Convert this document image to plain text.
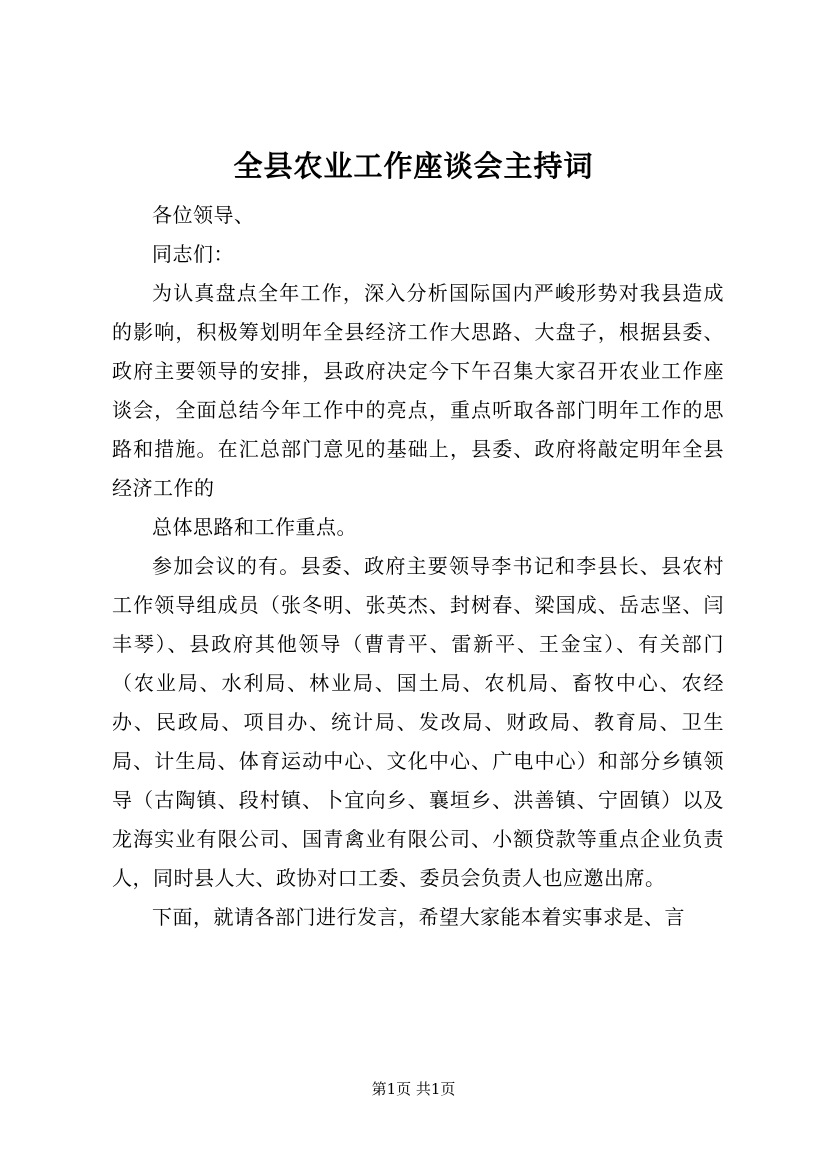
全县农业工作座谈会主持词

各位领导、

同志们：

为认真盘点全年工作，深入分析国际国内严峻形势对我县造成的影响，积极筹划明年全县经济工作大思路、大盘子，根据县委、政府主要领导的安排，县政府决定今下午召集大家召开农业工作座谈会，全面总结今年工作中的亮点，重点听取各部门明年工作的思路和措施。在汇总部门意见的基础上，县委、政府将敲定明年全县经济工作的

总体思路和工作重点。

参加会议的有。县委、政府主要领导李书记和李县长、县农村工作领导组成员（张冬明、张英杰、封树春、梁国成、岳志坚、闫丰琴）、县政府其他领导（曹青平、雷新平、王金宝）、有关部门（农业局、水利局、林业局、国土局、农机局、畜牧中心、农经办、民政局、项目办、统计局、发改局、财政局、教育局、卫生局、计生局、体育运动中心、文化中心、广电中心）和部分乡镇领导（古陶镇、段村镇、卜宜向乡、襄垣乡、洪善镇、宁固镇）以及龙海实业有限公司、国青禽业有限公司、小额贷款等重点企业负责人，同时县人大、政协对口工委、委员会负责人也应邀出席。

下面，就请各部门进行发言，希望大家能本着实事求是、言

第1页 共1页
